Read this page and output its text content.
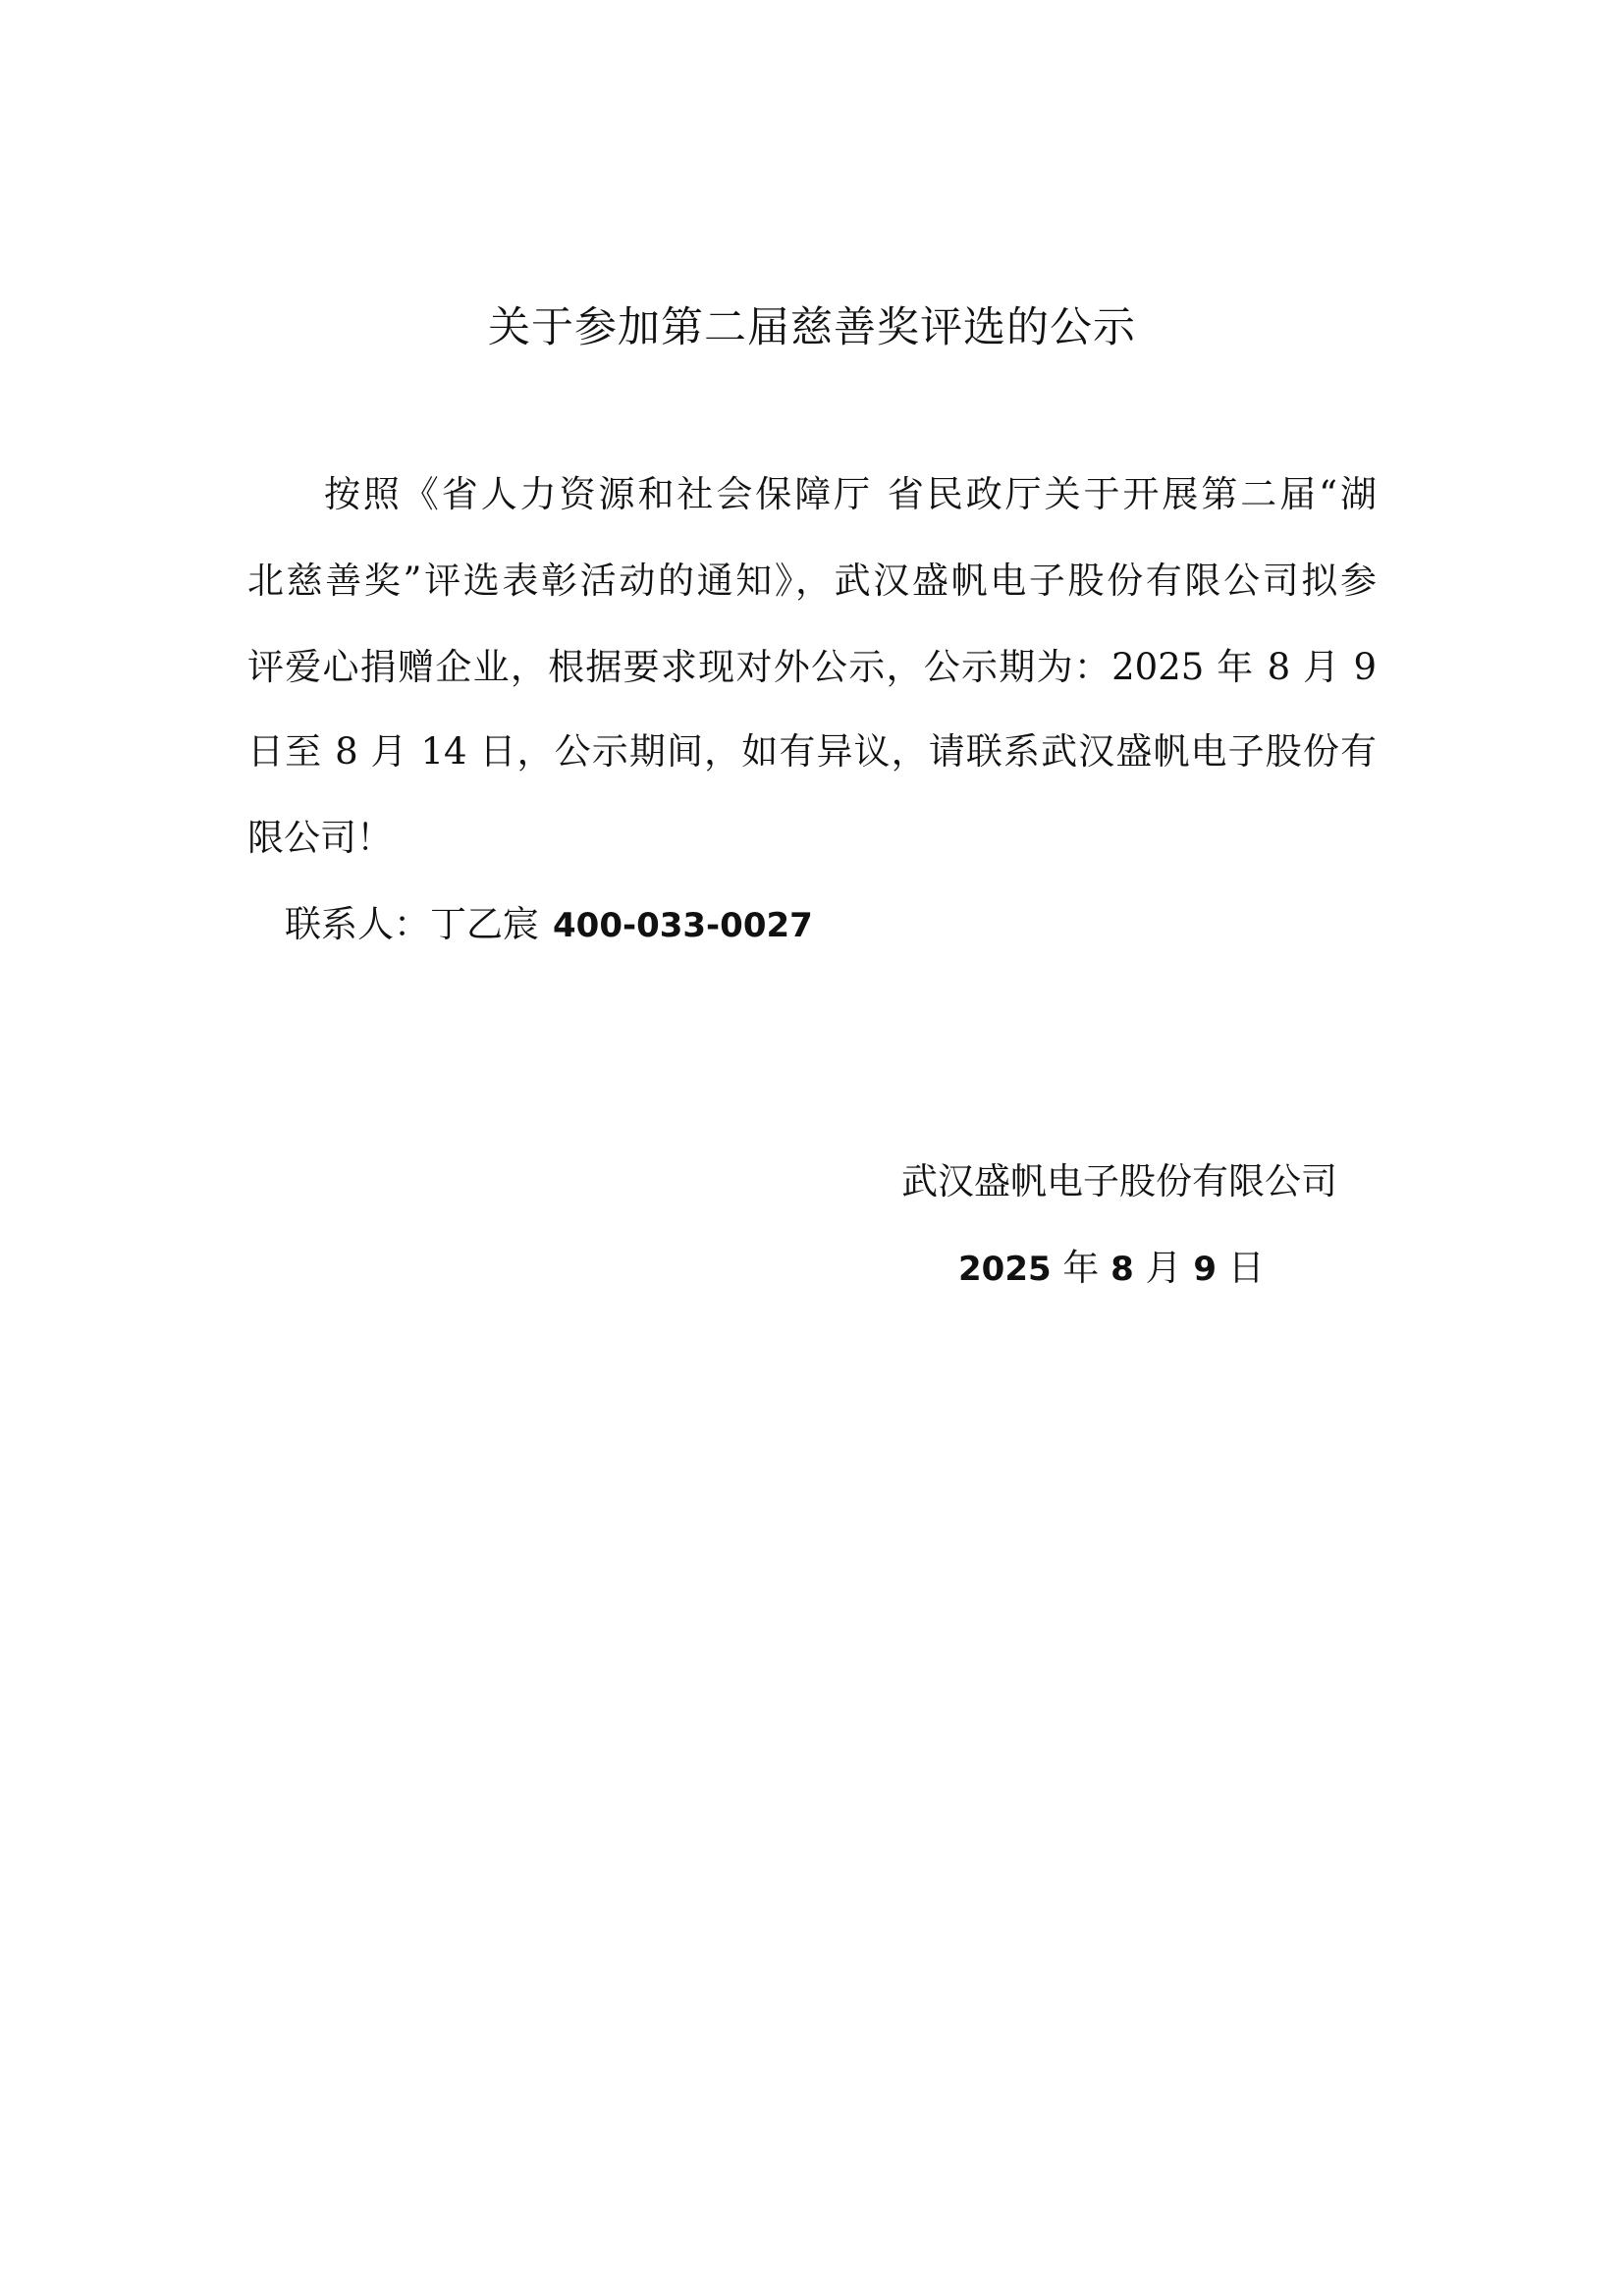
关于参加第二届慈善奖评选的公示

按照《省人力资源和社会保障厅 省民政厅关于开展第二届“湖

北慈善奖”评选表彰活动的通知》，武汉盛帆电子股份有限公司拟参

评爱心捐赠企业，根据要求现对外公示，公示期为：2025 年 8 月 9

日至 8 月 14 日，公示期间，如有异议，请联系武汉盛帆电子股份有

限公司！

联系人：丁乙宸 400-033-0027
武汉盛帆电子股份有限公司
2025 年 8 月 9 日
